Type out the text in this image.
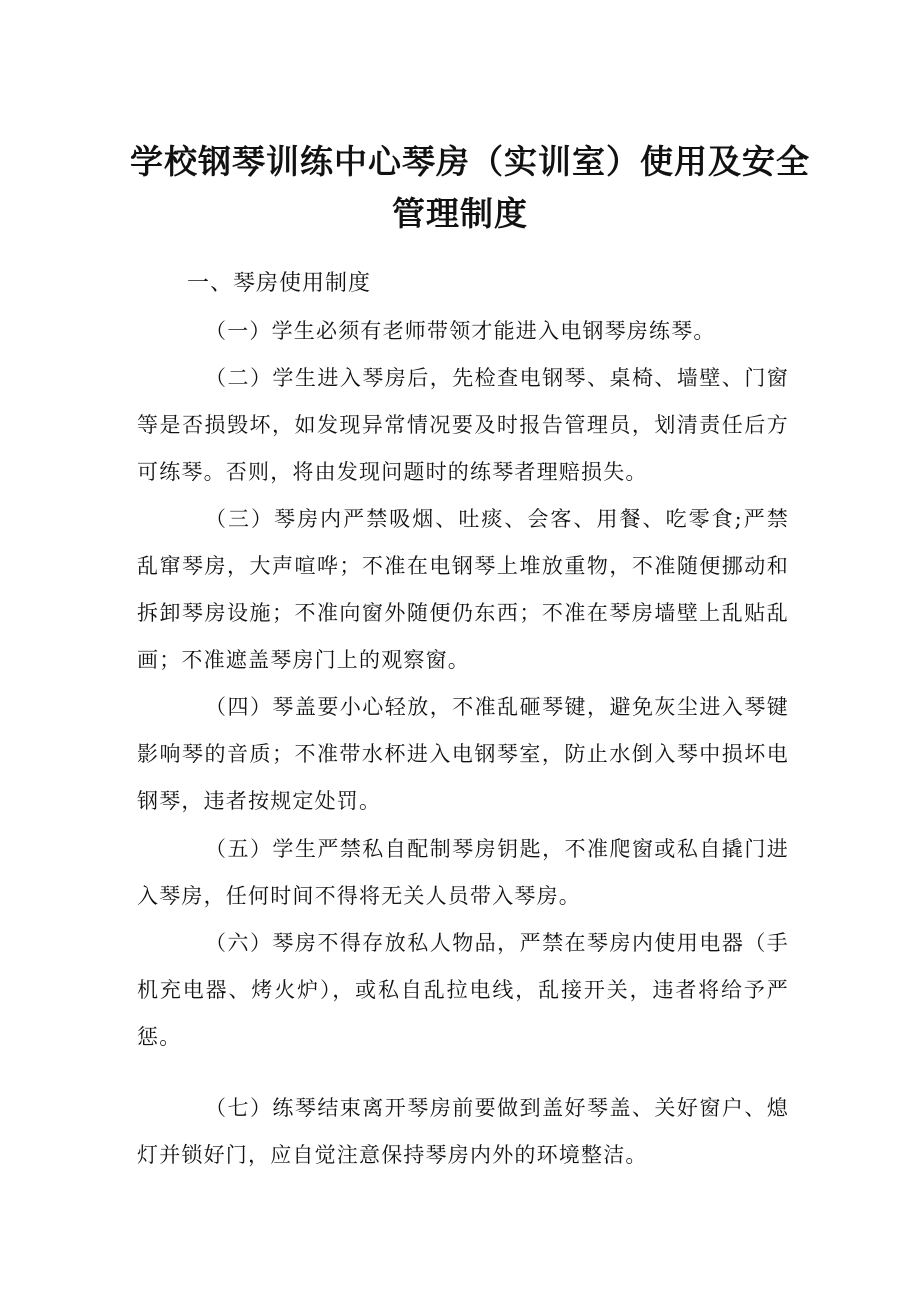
学校钢琴训练中心琴房（实训室）使用及安全
管理制度
一、琴房使用制度

（一）学生必须有老师带领才能进入电钢琴房练琴。

（二）学生进入琴房后，先检查电钢琴、桌椅、墙壁、门窗等是否损毁坏，如发现异常情况要及时报告管理员，划清责任后方可练琴。否则，将由发现问题时的练琴者理赔损失。

（三）琴房内严禁吸烟、吐痰、会客、用餐、吃零食;严禁乱窜琴房，大声喧哗；不准在电钢琴上堆放重物，不准随便挪动和拆卸琴房设施；不准向窗外随便仍东西；不准在琴房墙壁上乱贴乱画；不准遮盖琴房门上的观察窗。

（四）琴盖要小心轻放，不准乱砸琴键，避免灰尘进入琴键影响琴的音质；不准带水杯进入电钢琴室，防止水倒入琴中损坏电钢琴，违者按规定处罚。

（五）学生严禁私自配制琴房钥匙，不准爬窗或私自撬门进入琴房，任何时间不得将无关人员带入琴房。

（六）琴房不得存放私人物品，严禁在琴房内使用电器（手机充电器、烤火炉），或私自乱拉电线，乱接开关，违者将给予严惩。

（七）练琴结束离开琴房前要做到盖好琴盖、关好窗户、熄灯并锁好门，应自觉注意保持琴房内外的环境整洁。
